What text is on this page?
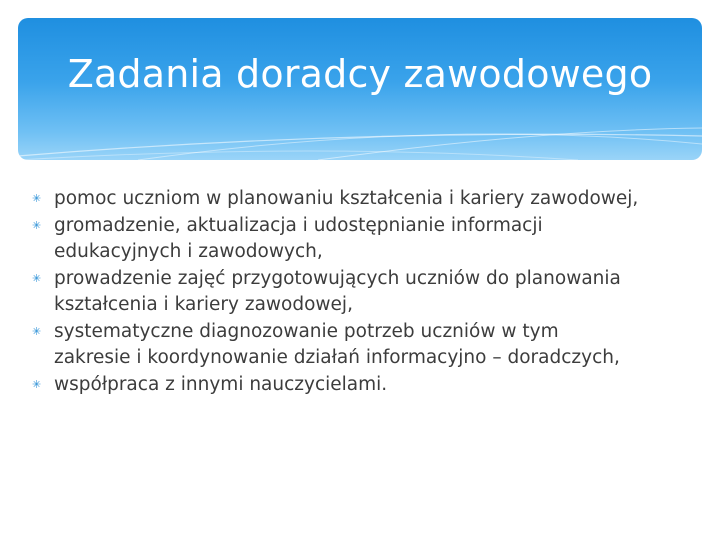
Zadania doradcy zawodowego
✳ pomoc uczniom w planowaniu kształcenia i kariery zawodowej,
✳ gromadzenie, aktualizacja i udostępnianie informacji
edukacyjnych i zawodowych,
✳ prowadzenie zajęć przygotowujących uczniów do planowania
kształcenia i kariery zawodowej,
✳ systematyczne diagnozowanie potrzeb uczniów w tym
zakresie i koordynowanie działań informacyjno – doradczych,
✳ współpraca z innymi nauczycielami.
